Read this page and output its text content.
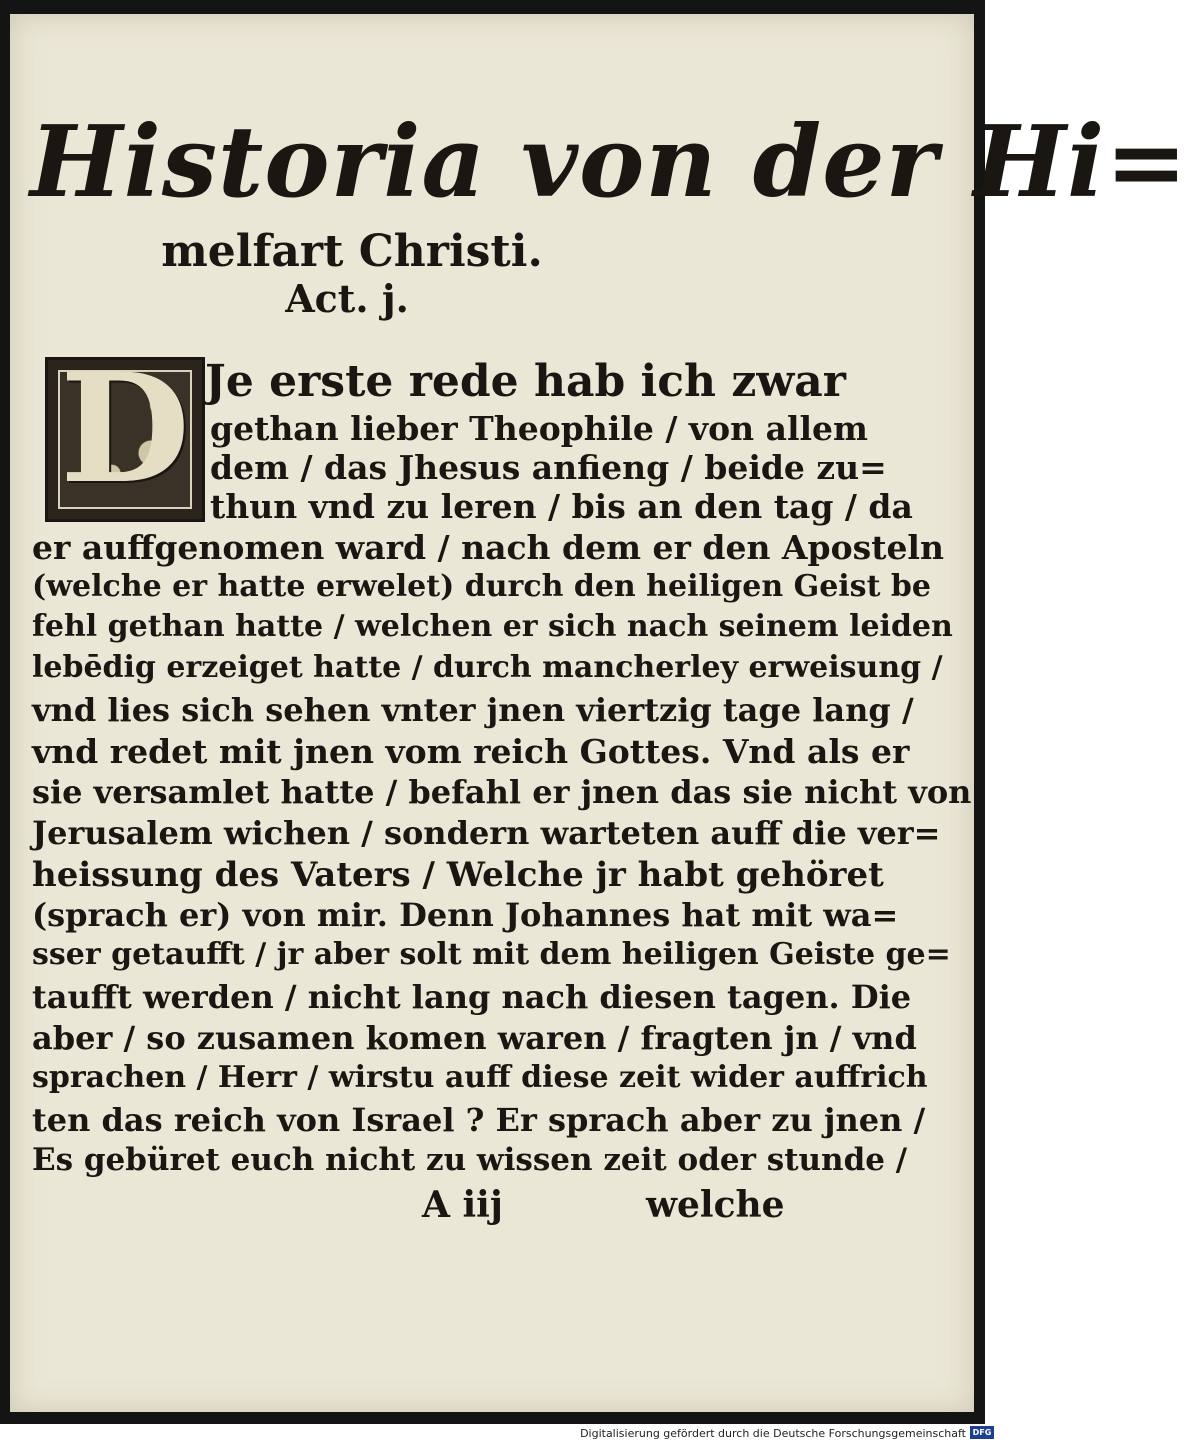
Historia von der Hi=
melfart Christi.
Act. j.
D Je erste rede hab ich zwar
gethan lieber Theophile / von allem
dem / das Jhesus anfieng / beide zu=
thun vnd zu leren / bis an den tag / da
er auffgenomen ward / nach dem er den Aposteln
(welche er hatte erwelet) durch den heiligen Geist be
fehl gethan hatte / welchen er sich nach seinem leiden
lebēdig erzeiget hatte / durch mancherley erweisung /
vnd lies sich sehen vnter jnen viertzig tage lang /
vnd redet mit jnen vom reich Gottes. Vnd als er
sie versamlet hatte / befahl er jnen das sie nicht von
Jerusalem wichen / sondern warteten auff die ver=
heissung des Vaters / Welche jr habt gehöret
(sprach er) von mir. Denn Johannes hat mit wa=
sser getaufft / jr aber solt mit dem heiligen Geiste ge=
taufft werden / nicht lang nach diesen tagen. Die
aber / so zusamen komen waren / fragten jn / vnd
sprachen / Herr / wirstu auff diese zeit wider auffrich
ten das reich von Israel ? Er sprach aber zu jnen /
Es gebüret euch nicht zu wissen zeit oder stunde /
A iij	welche
Digitalisierung gefördert durch die Deutsche Forschungsgemeinschaft DFG
